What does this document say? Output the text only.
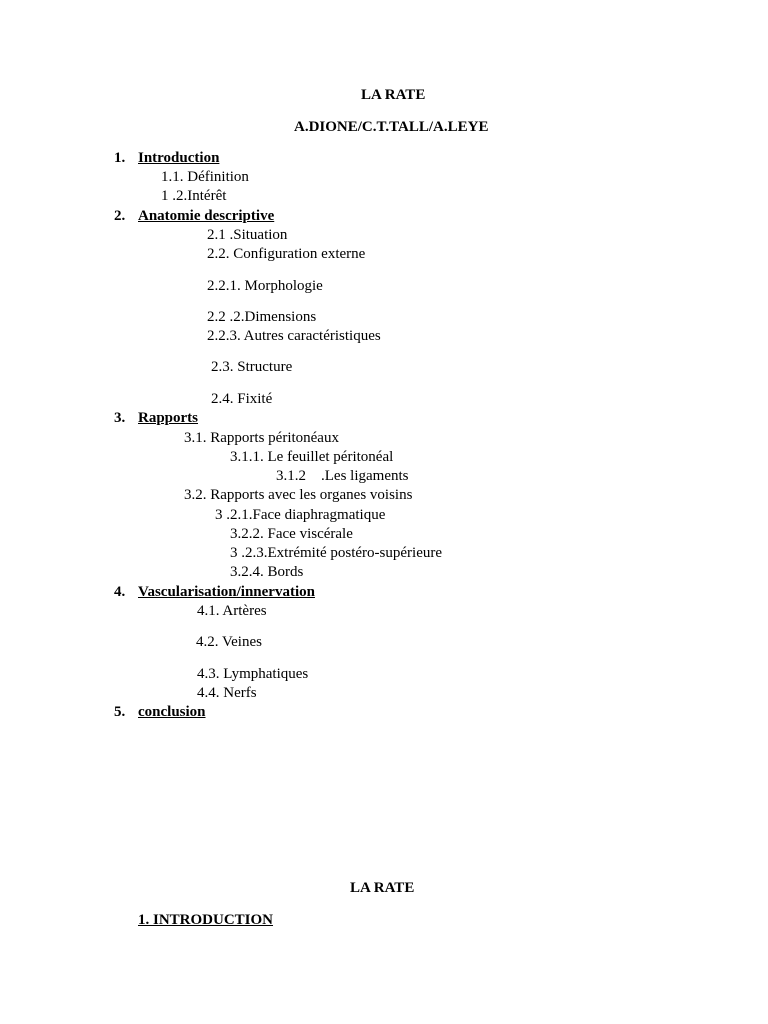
LA RATE
A.DIONE/C.T.TALL/A.LEYE
1. Introduction
1.1. Définition
1 .2.Intérêt
2. Anatomie descriptive
2.1 .Situation
2.2. Configuration externe
2.2.1. Morphologie
2.2 .2.Dimensions
2.2.3. Autres caractéristiques
2.3. Structure
2.4. Fixité
3. Rapports
3.1. Rapports péritonéaux
3.1.1. Le feuillet péritonéal
3.1.2    .Les ligaments
3.2. Rapports avec les organes voisins
3 .2.1.Face diaphragmatique
3.2.2. Face viscérale
3 .2.3.Extrémité postéro-supérieure
3.2.4. Bords
4. Vascularisation/innervation
4.1. Artères
4.2. Veines
4.3. Lymphatiques
4.4. Nerfs
5. conclusion
LA RATE
1. INTRODUCTION
